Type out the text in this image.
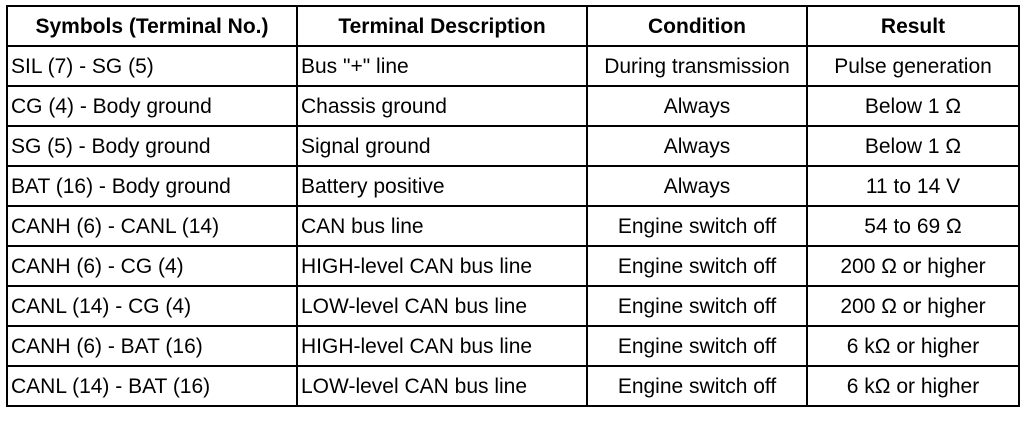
Symbols (Terminal No.)	Terminal Description	Condition	Result
SIL (7) - SG (5)	Bus "+" line	During transmission	Pulse generation
CG (4) - Body ground	Chassis ground	Always	Below 1 Ω
SG (5) - Body ground	Signal ground	Always	Below 1 Ω
BAT (16) - Body ground	Battery positive	Always	11 to 14 V
CANH (6) - CANL (14)	CAN bus line	Engine switch off	54 to 69 Ω
CANH (6) - CG (4)	HIGH-level CAN bus line	Engine switch off	200 Ω or higher
CANL (14) - CG (4)	LOW-level CAN bus line	Engine switch off	200 Ω or higher
CANH (6) - BAT (16)	HIGH-level CAN bus line	Engine switch off	6 kΩ or higher
CANL (14) - BAT (16)	LOW-level CAN bus line	Engine switch off	6 kΩ or higher
